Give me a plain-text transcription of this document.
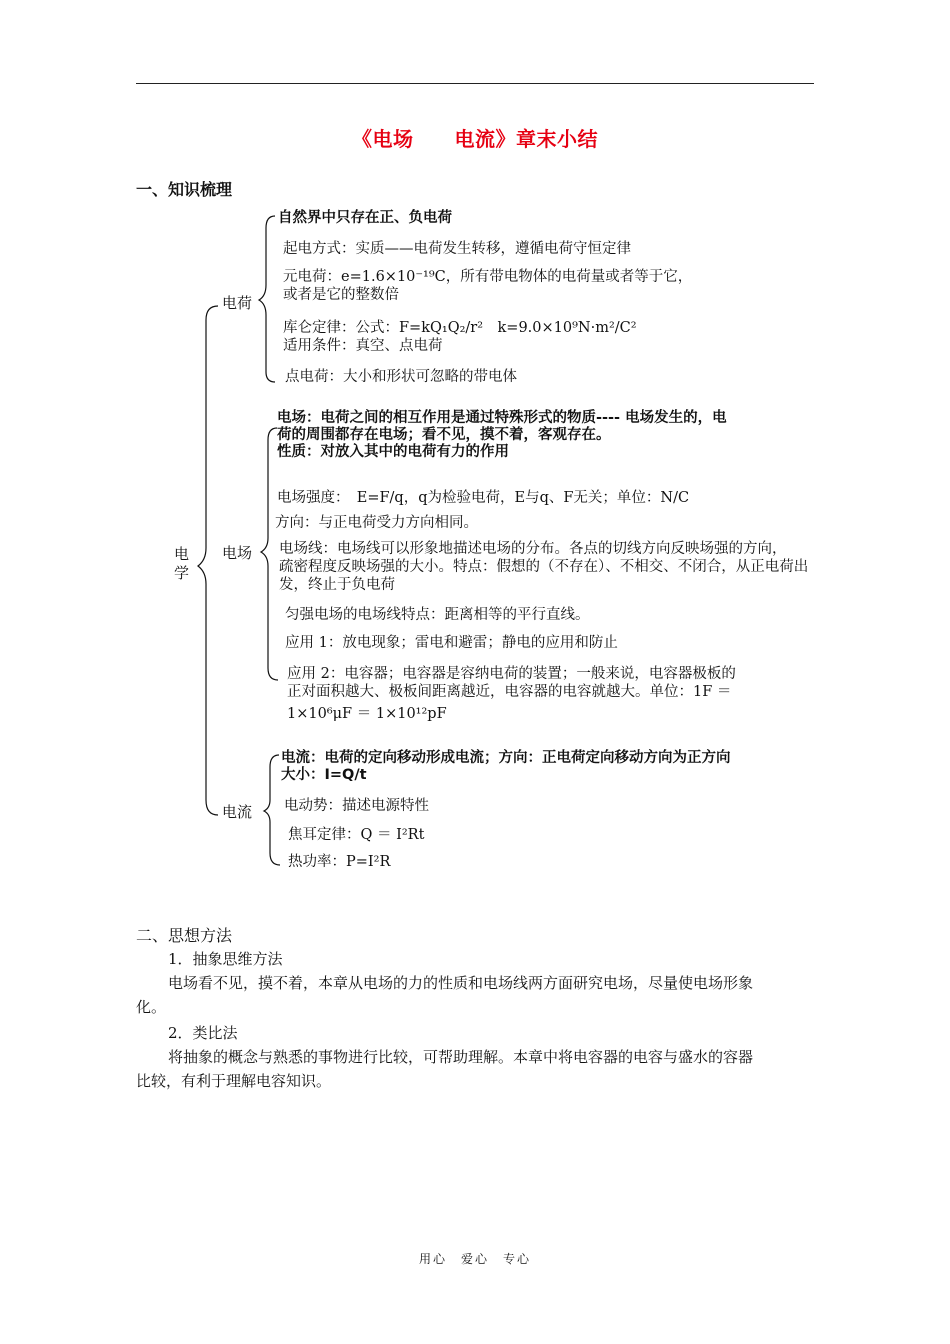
《电场　　电流》章末小结
一、知识梳理
电学
电荷
自然界中只存在正、负电荷
起电方式：实质——电荷发生转移，遵循电荷守恒定律
元电荷：e=1.6×10⁻¹⁹C，所有带电物体的电荷量或者等于它，
或者是它的整数倍
库仑定律：公式：F=kQ₁Q₂/r²　k=9.0×10⁹N·m²/C²
适用条件：真空、点电荷
点电荷：大小和形状可忽略的带电体
电场
电场：电荷之间的相互作用是通过特殊形式的物质---- 电场发生的，电
荷的周围都存在电场；看不见，摸不着，客观存在。
性质：对放入其中的电荷有力的作用
电场强度：　E=F/q，q为检验电荷，E与q、F无关；单位：N/C
方向：与正电荷受力方向相同。
电场线：电场线可以形象地描述电场的分布。各点的切线方向反映场强的方向，
疏密程度反映场强的大小。特点：假想的（不存在）、不相交、不闭合，从正电荷出
发，终止于负电荷
匀强电场的电场线特点：距离相等的平行直线。
应用 1：放电现象；雷电和避雷；静电的应用和防止
应用 2：电容器；电容器是容纳电荷的装置；一般来说，电容器极板的
正对面积越大、极板间距离越近，电容器的电容就越大。单位：1F ＝
1×10⁶μF ＝ 1×10¹²pF
电流
电流：电荷的定向移动形成电流；方向：正电荷定向移动方向为正方向
大小：I=Q/t
电动势：描述电源特性
焦耳定律：Q ＝ I²Rt
热功率：P=I²R
二、思想方法
1．抽象思维方法
电场看不见，摸不着，本章从电场的力的性质和电场线两方面研究电场，尽量使电场形象
化。
2．类比法
将抽象的概念与熟悉的事物进行比较，可帮助理解。本章中将电容器的电容与盛水的容器
比较，有利于理解电容知识。
用心　爱心　专心
